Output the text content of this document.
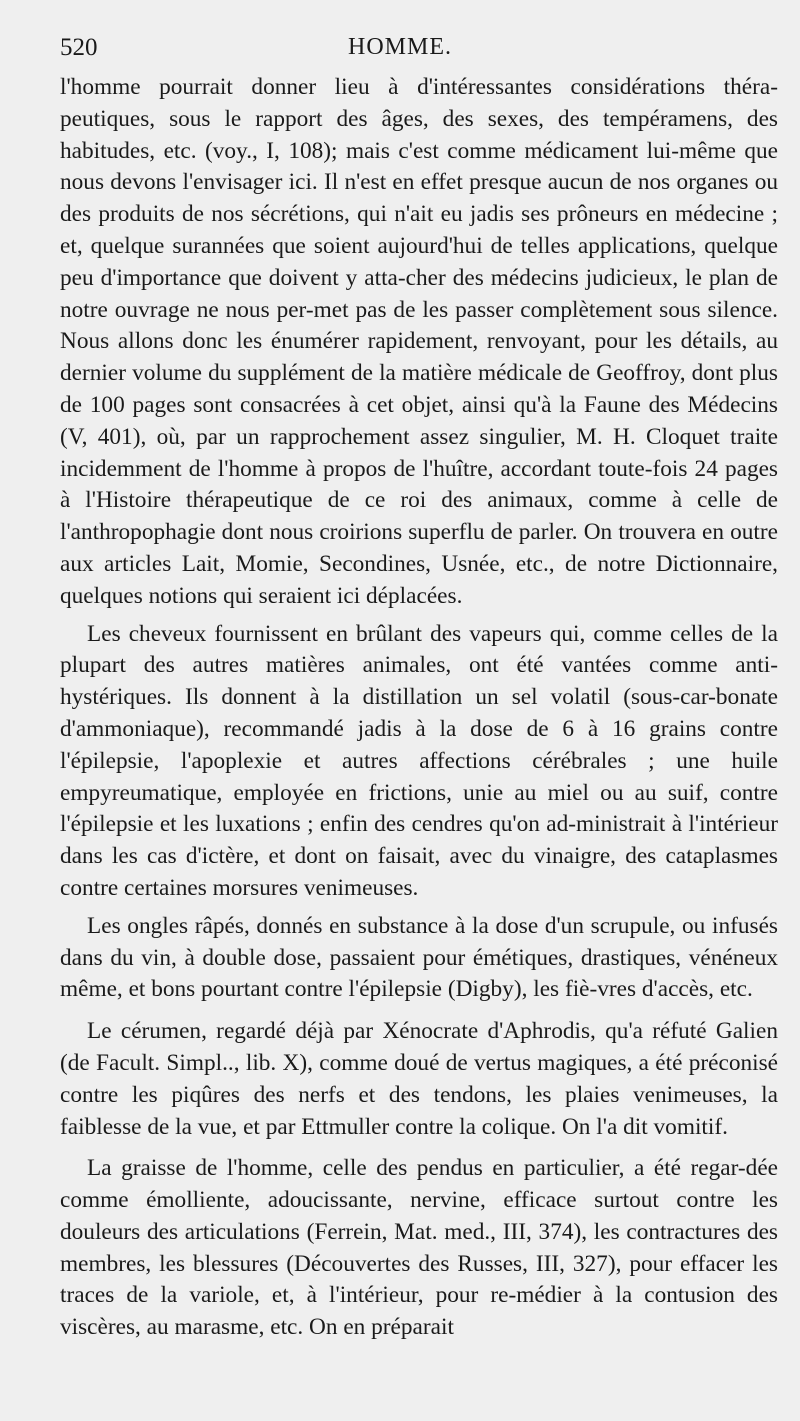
520	HOMME.

l'homme pourrait donner lieu à d'intéressantes considérations théra-peutiques, sous le rapport des âges, des sexes, des tempéramens, des habitudes, etc. (voy., I, 108); mais c'est comme médicament lui-même que nous devons l'envisager ici. Il n'est en effet presque aucun de nos organes ou des produits de nos sécrétions, qui n'ait eu jadis ses prôneurs en médecine ; et, quelque surannées que soient aujourd'hui de telles applications, quelque peu d'importance que doivent y atta-cher des médecins judicieux, le plan de notre ouvrage ne nous per-met pas de les passer complètement sous silence. Nous allons donc les énumérer rapidement, renvoyant, pour les détails, au dernier volume du supplément de la matière médicale de Geoffroy, dont plus de 100 pages sont consacrées à cet objet, ainsi qu'à la Faune des Médecins (V, 401), où, par un rapprochement assez singulier, M. H. Cloquet traite incidemment de l'homme à propos de l'huître, accordant toute-fois 24 pages à l'Histoire thérapeutique de ce roi des animaux, comme à celle de l'anthropophagie dont nous croirions superflu de parler. On trouvera en outre aux articles Lait, Momie, Secondines, Usnée, etc., de notre Dictionnaire, quelques notions qui seraient ici déplacées.

Les cheveux fournissent en brûlant des vapeurs qui, comme celles de la plupart des autres matières animales, ont été vantées comme anti-hystériques. Ils donnent à la distillation un sel volatil (sous-car-bonate d'ammoniaque), recommandé jadis à la dose de 6 à 16 grains contre l'épilepsie, l'apoplexie et autres affections cérébrales ; une huile empyreumatique, employée en frictions, unie au miel ou au suif, contre l'épilepsie et les luxations ; enfin des cendres qu'on ad-ministrait à l'intérieur dans les cas d'ictère, et dont on faisait, avec du vinaigre, des cataplasmes contre certaines morsures venimeuses.

Les ongles râpés, donnés en substance à la dose d'un scrupule, ou infusés dans du vin, à double dose, passaient pour émétiques, drastiques, vénéneux même, et bons pourtant contre l'épilepsie (Digby), les fiè-vres d'accès, etc.

Le cérumen, regardé déjà par Xénocrate d'Aphrodis, qu'a réfuté Galien (de Facult. Simpl.., lib. X), comme doué de vertus magiques, a été préconisé contre les piqûres des nerfs et des tendons, les plaies venimeuses, la faiblesse de la vue, et par Ettmuller contre la colique. On l'a dit vomitif.

La graisse de l'homme, celle des pendus en particulier, a été regar-dée comme émolliente, adoucissante, nervine, efficace surtout contre les douleurs des articulations (Ferrein, Mat. med., III, 374), les contractures des membres, les blessures (Découvertes des Russes, III, 327), pour effacer les traces de la variole, et, à l'intérieur, pour re-médier à la contusion des viscères, au marasme, etc. On en préparait
